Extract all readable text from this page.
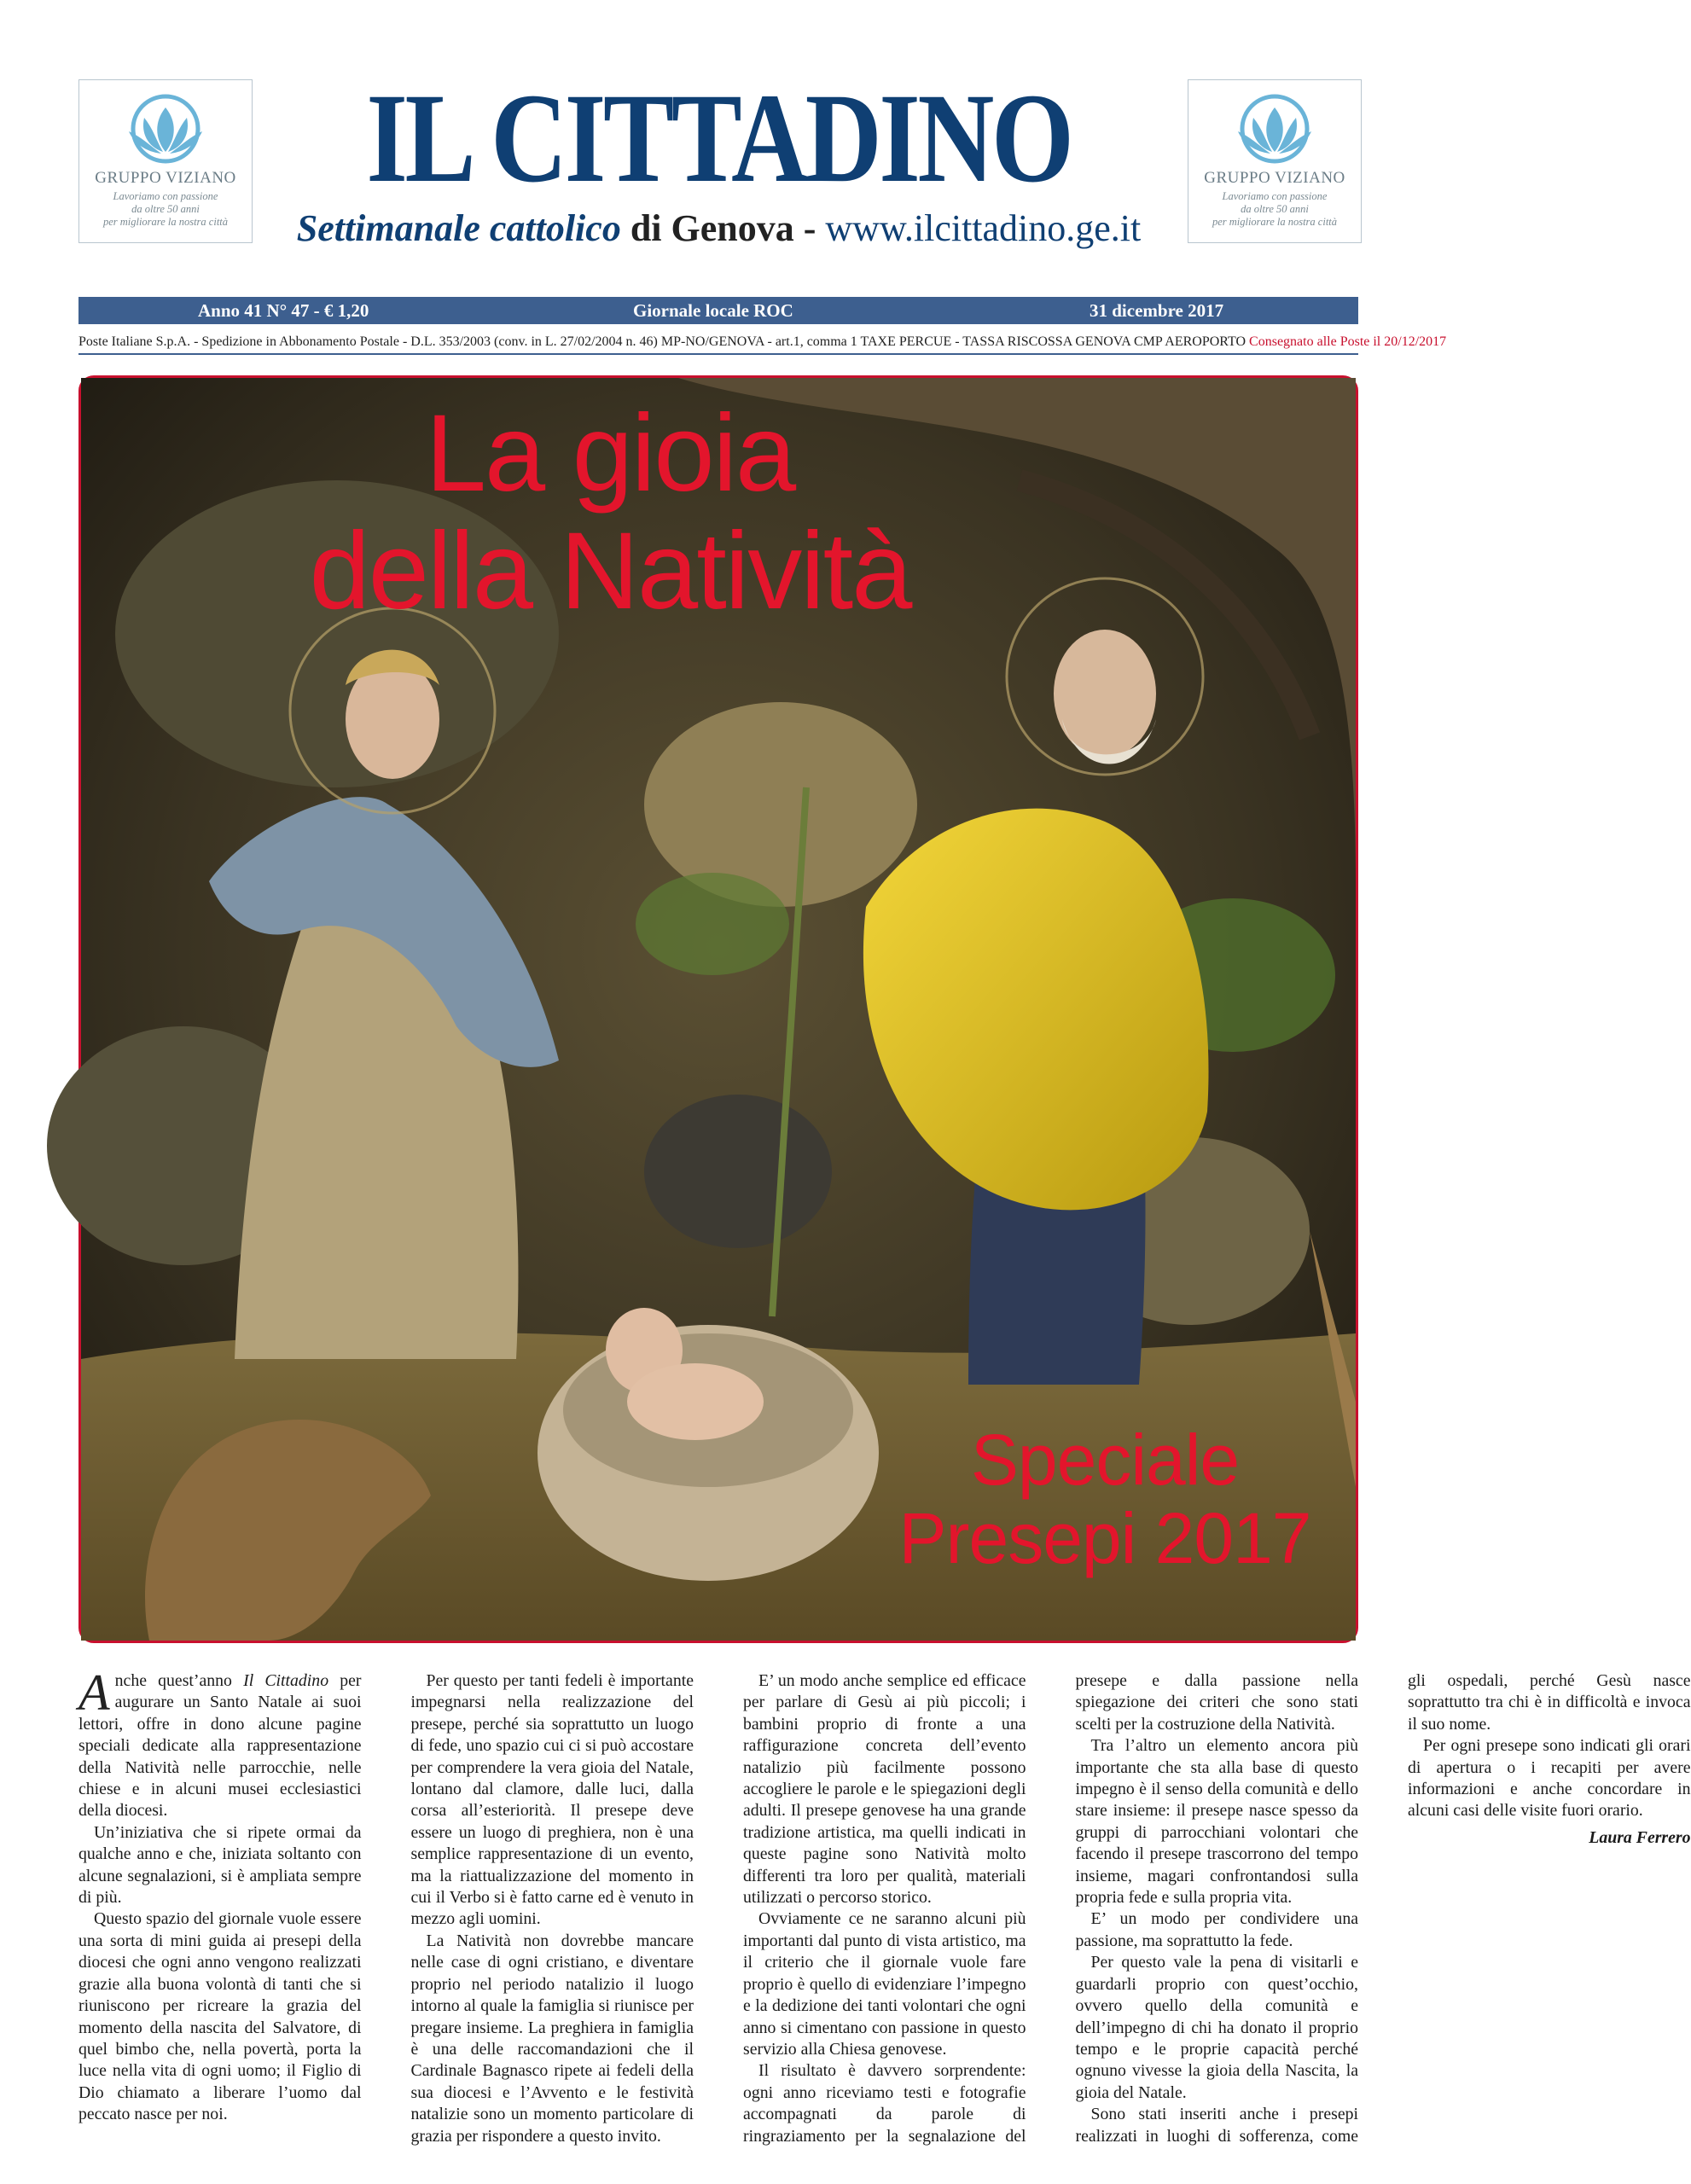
GRUPPO VIZIANO
Lavoriamo con passione
da oltre 50 anni
per migliorare la nostra città
IL CITTADINO
Settimanale cattolico di Genova - www.ilcittadino.ge.it
GRUPPO VIZIANO
Lavoriamo con passione
da oltre 50 anni
per migliorare la nostra città
Anno 41 N° 47 - € 1,20	Giornale locale ROC	31 dicembre 2017
Poste Italiane S.p.A. - Spedizione in Abbonamento Postale - D.L. 353/2003 (conv. in L. 27/02/2004 n. 46) MP-NO/GENOVA - art.1, comma 1 TAXE PERCUE - TASSA RISCOSSA GENOVA CMP AEROPORTO Consegnato alle Poste il 20/12/2017
La gioia
della Natività
Speciale
Presepi 2017

Anche quest’anno Il Cittadino per augurare un Santo Natale ai suoi lettori, offre in dono alcune pagine speciali dedicate alla rappresentazione della Natività nelle parrocchie, nelle chiese e in alcuni musei ecclesiastici della diocesi.

Un’iniziativa che si ripete ormai da qualche anno e che, iniziata soltanto con alcune segnalazioni, si è ampliata sempre di più.

Questo spazio del giornale vuole essere una sorta di mini guida ai presepi della diocesi che ogni anno vengono realizzati grazie alla buona volontà di tanti che si riuniscono per ricreare la grazia del momento della nascita del Salvatore, di quel bimbo che, nella povertà, porta la luce nella vita di ogni uomo; il Figlio di Dio chiamato a liberare l’uomo dal peccato nasce per noi.

Per questo per tanti fedeli è importante impegnarsi nella realizzazione del presepe, perché sia soprattutto un luogo di fede, uno spazio cui ci si può accostare per comprendere la vera gioia del Natale, lontano dal clamore, dalle luci, dalla corsa all’esteriorità. Il presepe deve essere un luogo di preghiera, non è una semplice rappresentazione di un evento, ma la riattualizzazione del momento in cui il Verbo si è fatto carne ed è venuto in mezzo agli uomini.

La Natività non dovrebbe mancare nelle case di ogni cristiano, e diventare proprio nel periodo natalizio il luogo intorno al quale la famiglia si riunisce per pregare insieme. La preghiera in famiglia è una delle raccomandazioni che il Cardinale Bagnasco ripete ai fedeli della sua diocesi e l’Avvento e le festività natalizie sono un momento particolare di grazia per rispondere a questo invito.

E’ un modo anche semplice ed efficace per parlare di Gesù ai più piccoli; i bambini proprio di fronte a una raffigurazione concreta dell’evento natalizio più facilmente possono accogliere le parole e le spiegazioni degli adulti. Il presepe genovese ha una grande tradizione artistica, ma quelli indicati in queste pagine sono Natività molto differenti tra loro per qualità, materiali utilizzati o percorso storico.

Ovviamente ce ne saranno alcuni più importanti dal punto di vista artistico, ma il criterio che il giornale vuole fare proprio è quello di evidenziare l’impegno e la dedizione dei tanti volontari che ogni anno si cimentano con passione in questo servizio alla Chiesa genovese.

Il risultato è davvero sorprendente: ogni anno riceviamo testi e fotografie accompagnati da parole di ringraziamento per la segnalazione del presepe e dalla passione nella spiegazione dei criteri che sono stati scelti per la costruzione della Natività.

Tra l’altro un elemento ancora più importante che sta alla base di questo impegno è il senso della comunità e dello stare insieme: il presepe nasce spesso da gruppi di parrocchiani volontari che facendo il presepe trascorrono del tempo insieme, magari confrontandosi sulla propria fede e sulla propria vita.

E’ un modo per condividere una passione, ma soprattutto la fede.

Per questo vale la pena di visitarli e guardarli proprio con quest’occhio, ovvero quello della comunità e dell’impegno di chi ha donato il proprio tempo e le proprie capacità perché ognuno vivesse la gioia della Nascita, la gioia del Natale.

Sono stati inseriti anche i presepi realizzati in luoghi di sofferenza, come gli ospedali, perché Gesù nasce soprattutto tra chi è in difficoltà e invoca il suo nome.

Per ogni presepe sono indicati gli orari di apertura o i recapiti per avere informazioni e anche concordare in alcuni casi delle visite fuori orario.

Laura Ferrero
